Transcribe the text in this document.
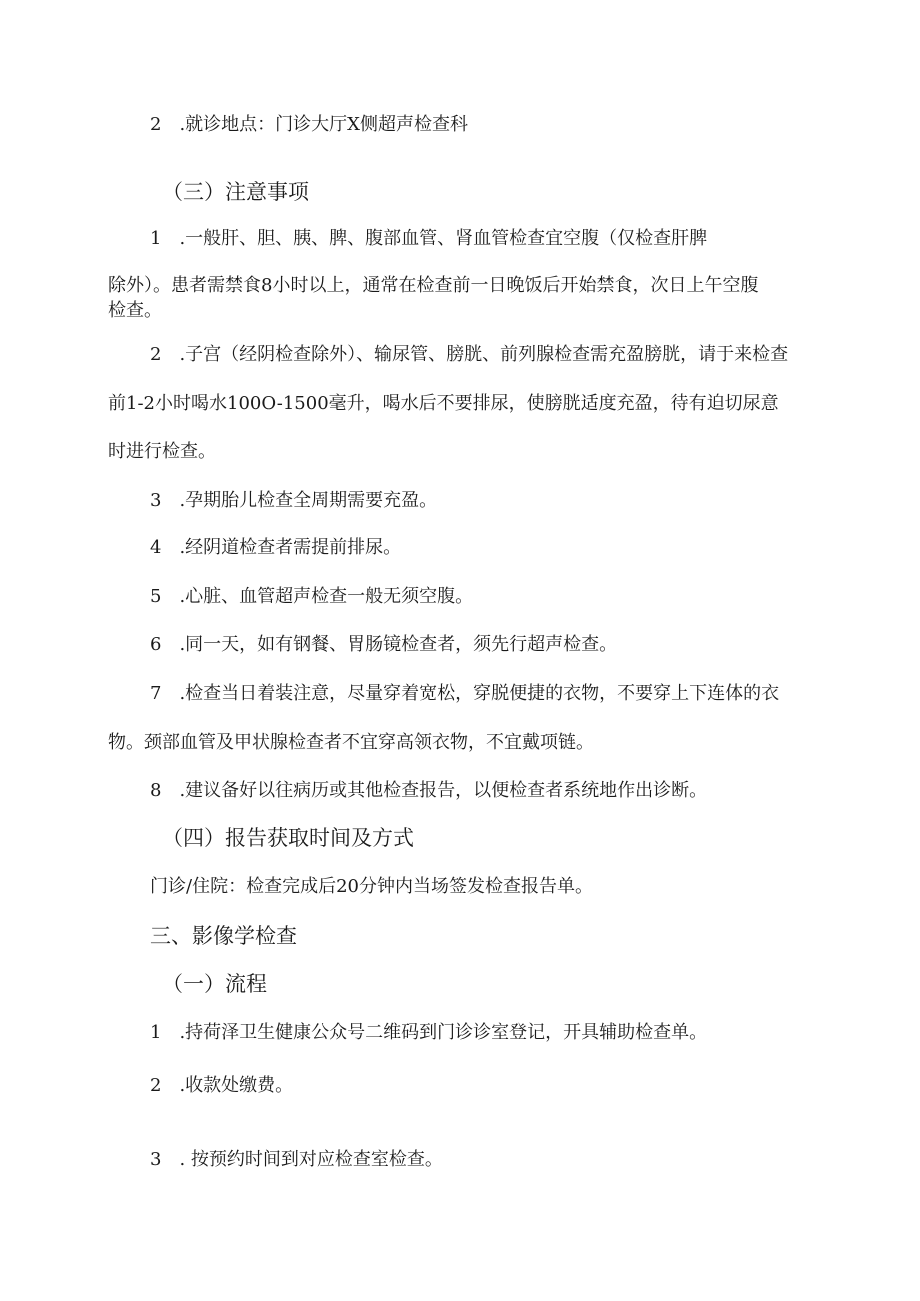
2　.就诊地点：门诊大厅X侧超声检查科
（三）注意事项
1　.一般肝、胆、胰、脾、腹部血管、肾血管检查宜空腹（仅检查肝脾
除外）。患者需禁食8小时以上，通常在检查前一日晚饭后开始禁食，次日上午空腹
检查。
2　.子宫（经阴检查除外）、输尿管、膀胱、前列腺检查需充盈膀胱，请于来检查
前1-2小时喝水100O-1500毫升，喝水后不要排尿，使膀胱适度充盈，待有迫切尿意
时进行检查。
3　.孕期胎儿检查全周期需要充盈。
4　.经阴道检查者需提前排尿。
5　.心脏、血管超声检查一般无须空腹。
6　.同一天，如有钢餐、胃肠镜检查者，须先行超声检查。
7　.检查当日着装注意，尽量穿着宽松，穿脱便捷的衣物，不要穿上下连体的衣
物。颈部血管及甲状腺检查者不宜穿高领衣物，不宜戴项链。
8　.建议备好以往病历或其他检查报告，以便检查者系统地作出诊断。
（四）报告获取时间及方式
门诊/住院：检查完成后20分钟内当场签发检查报告单。
三、影像学检查
（一）流程
1　.持荷泽卫生健康公众号二维码到门诊诊室登记，开具辅助检查单。
2　.收款处缴费。
3　. 按预约时间到对应检查室检查。
